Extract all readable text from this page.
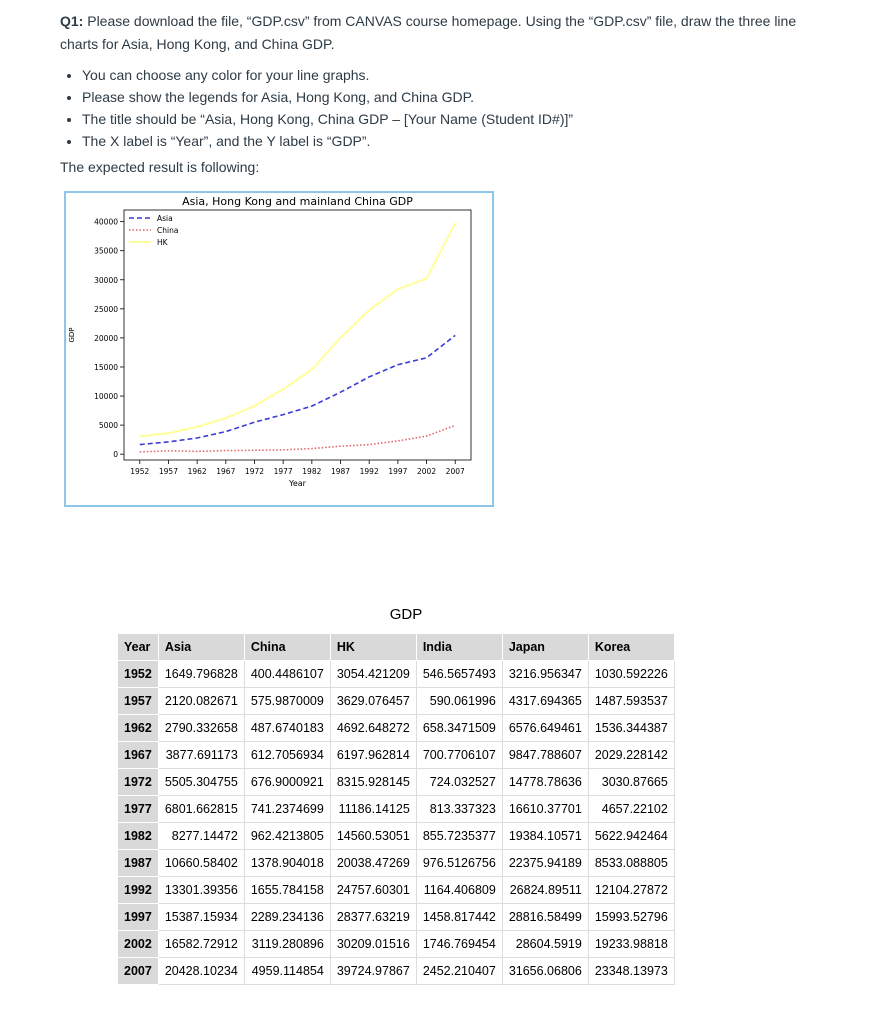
Q1: Please download the file, “GDP.csv” from CANVAS course homepage. Using the “GDP.csv” file, draw the three line charts for Asia, Hong Kong, and China GDP.
• You can choose any color for your line graphs.
• Please show the legends for Asia, Hong Kong, and China GDP.
• The title should be “Asia, Hong Kong, China GDP – [Your Name (Student ID#)]”
• The X label is “Year”, and the Y label is “GDP”.
The expected result is following:
Asia, Hong Kong and mainland China GDP
0
5000
10000
15000
20000
25000
30000
35000
40000
1952 1957 1962 1967 1972 1977 1982 1987 1992 1997 2002 2007
Year
GDP
Asia
China
HK
GDP
Year	Asia	China	HK	India	Japan	Korea
1952	1649.796828	400.4486107	3054.421209	546.5657493	3216.956347	1030.592226
1957	2120.082671	575.9870009	3629.076457	590.061996	4317.694365	1487.593537
1962	2790.332658	487.6740183	4692.648272	658.3471509	6576.649461	1536.344387
1967	3877.691173	612.7056934	6197.962814	700.7706107	9847.788607	2029.228142
1972	5505.304755	676.9000921	8315.928145	724.032527	14778.78636	3030.87665
1977	6801.662815	741.2374699	11186.14125	813.337323	16610.37701	4657.22102
1982	8277.14472	962.4213805	14560.53051	855.7235377	19384.10571	5622.942464
1987	10660.58402	1378.904018	20038.47269	976.5126756	22375.94189	8533.088805
1992	13301.39356	1655.784158	24757.60301	1164.406809	26824.89511	12104.27872
1997	15387.15934	2289.234136	28377.63219	1458.817442	28816.58499	15993.52796
2002	16582.72912	3119.280896	30209.01516	1746.769454	28604.5919	19233.98818
2007	20428.10234	4959.114854	39724.97867	2452.210407	31656.06806	23348.13973
